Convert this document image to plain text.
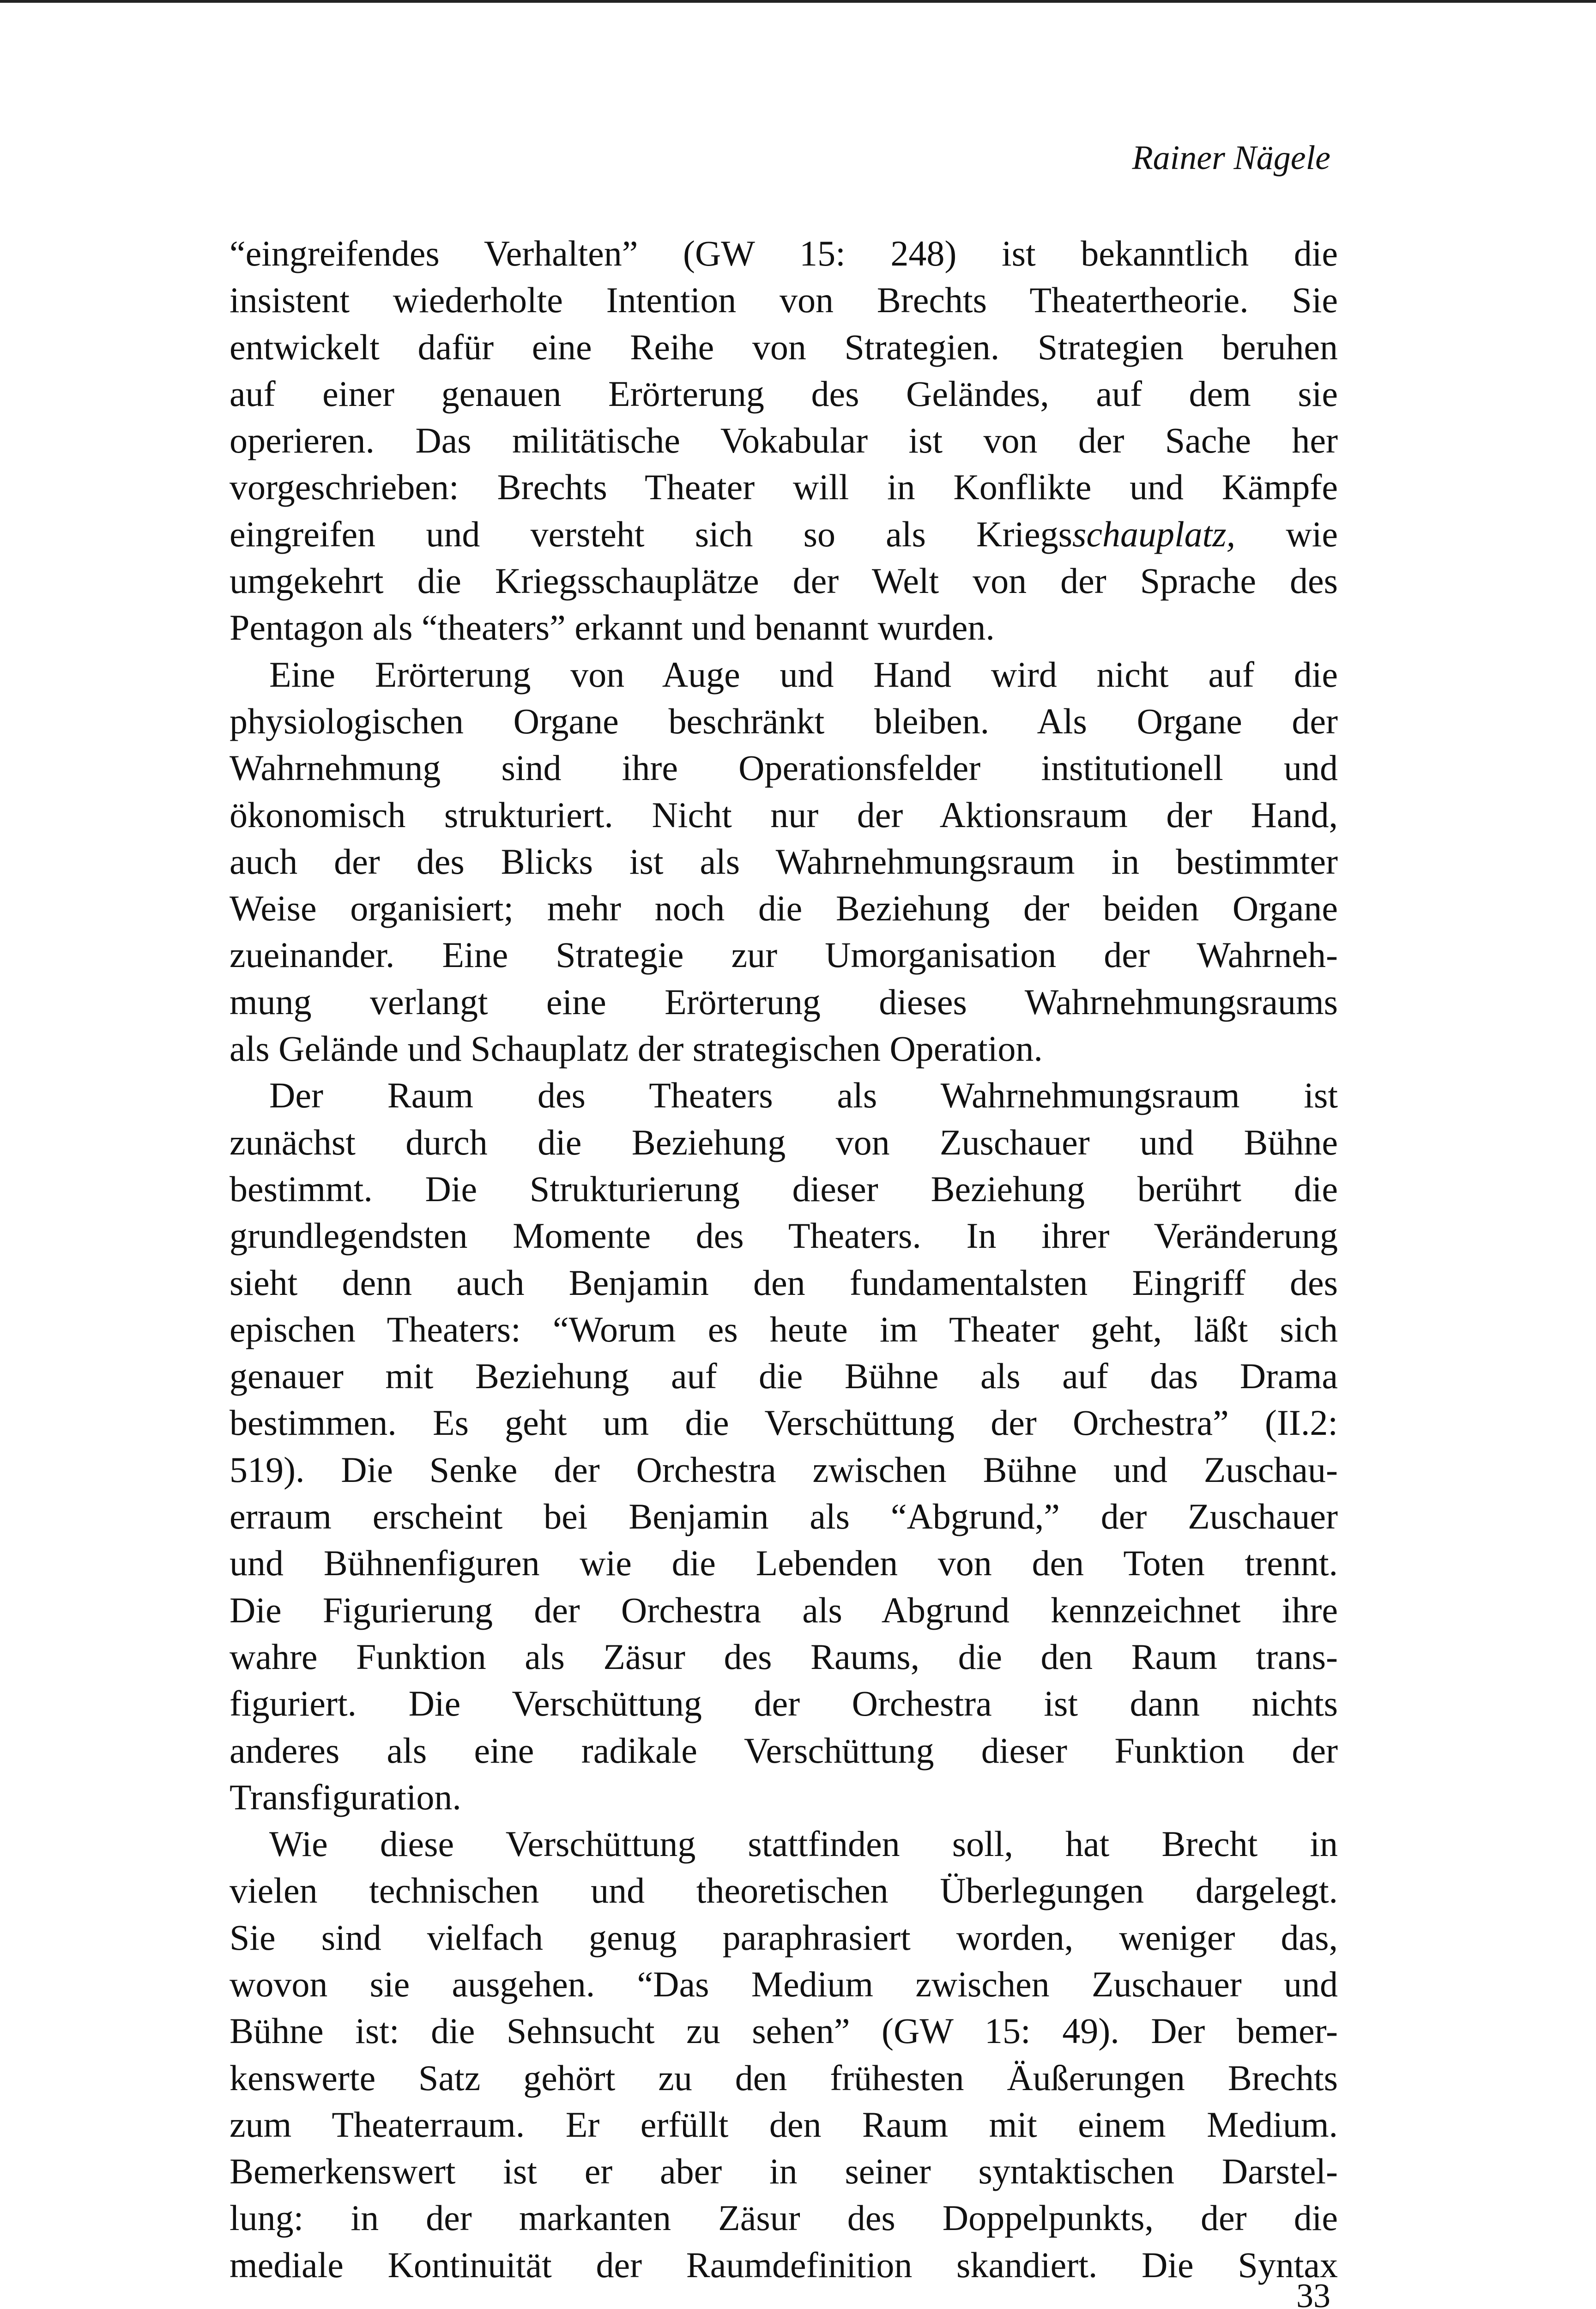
Rainer Nägele
“eingreifendes Verhalten” (GW 15: 248) ist bekanntlich die
insistent wiederholte Intention von Brechts Theatertheorie. Sie
entwickelt dafür eine Reihe von Strategien. Strategien beruhen
auf einer genauen Erörterung des Geländes, auf dem sie
operieren. Das militätische Vokabular ist von der Sache her
vorgeschrieben: Brechts Theater will in Konflikte und Kämpfe
eingreifen und versteht sich so als Kriegsschauplatz, wie
umgekehrt die Kriegsschauplätze der Welt von der Sprache des
Pentagon als “theaters” erkannt und benannt wurden.
Eine Erörterung von Auge und Hand wird nicht auf die
physiologischen Organe beschränkt bleiben. Als Organe der
Wahrnehmung sind ihre Operationsfelder institutionell und
ökonomisch strukturiert. Nicht nur der Aktionsraum der Hand,
auch der des Blicks ist als Wahrnehmungsraum in bestimmter
Weise organisiert; mehr noch die Beziehung der beiden Organe
zueinander. Eine Strategie zur Umorganisation der Wahrneh-
mung verlangt eine Erörterung dieses Wahrnehmungsraums
als Gelände und Schauplatz der strategischen Operation.
Der Raum des Theaters als Wahrnehmungsraum ist
zunächst durch die Beziehung von Zuschauer und Bühne
bestimmt. Die Strukturierung dieser Beziehung berührt die
grundlegendsten Momente des Theaters. In ihrer Veränderung
sieht denn auch Benjamin den fundamentalsten Eingriff des
epischen Theaters: “Worum es heute im Theater geht, läßt sich
genauer mit Beziehung auf die Bühne als auf das Drama
bestimmen. Es geht um die Verschüttung der Orchestra” (II.2:
519). Die Senke der Orchestra zwischen Bühne und Zuschau-
erraum erscheint bei Benjamin als “Abgrund,” der Zuschauer
und Bühnenfiguren wie die Lebenden von den Toten trennt.
Die Figurierung der Orchestra als Abgrund kennzeichnet ihre
wahre Funktion als Zäsur des Raums, die den Raum trans-
figuriert. Die Verschüttung der Orchestra ist dann nichts
anderes als eine radikale Verschüttung dieser Funktion der
Transfiguration.
Wie diese Verschüttung stattfinden soll, hat Brecht in
vielen technischen und theoretischen Überlegungen dargelegt.
Sie sind vielfach genug paraphrasiert worden, weniger das,
wovon sie ausgehen. “Das Medium zwischen Zuschauer und
Bühne ist: die Sehnsucht zu sehen” (GW 15: 49). Der bemer-
kenswerte Satz gehört zu den frühesten Äußerungen Brechts
zum Theaterraum. Er erfüllt den Raum mit einem Medium.
Bemerkenswert ist er aber in seiner syntaktischen Darstel-
lung: in der markanten Zäsur des Doppelpunkts, der die
mediale Kontinuität der Raumdefinition skandiert. Die Syntax
33
